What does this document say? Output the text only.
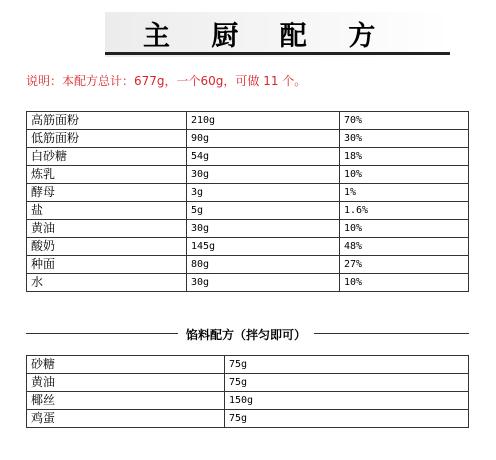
主 厨 配 方
说明：本配方总计：677g，一个60g，可做 11 个。
高筋面粉	210g	70%
低筋面粉	90g	30%
白砂糖	54g	18%
炼乳	30g	10%
酵母	3g	1%
盐	5g	1.6%
黄油	30g	10%
酸奶	145g	48%
种面	80g	27%
水	30g	10%
馅料配方（拌匀即可）
砂糖	75g
黄油	75g
椰丝	150g
鸡蛋	75g
